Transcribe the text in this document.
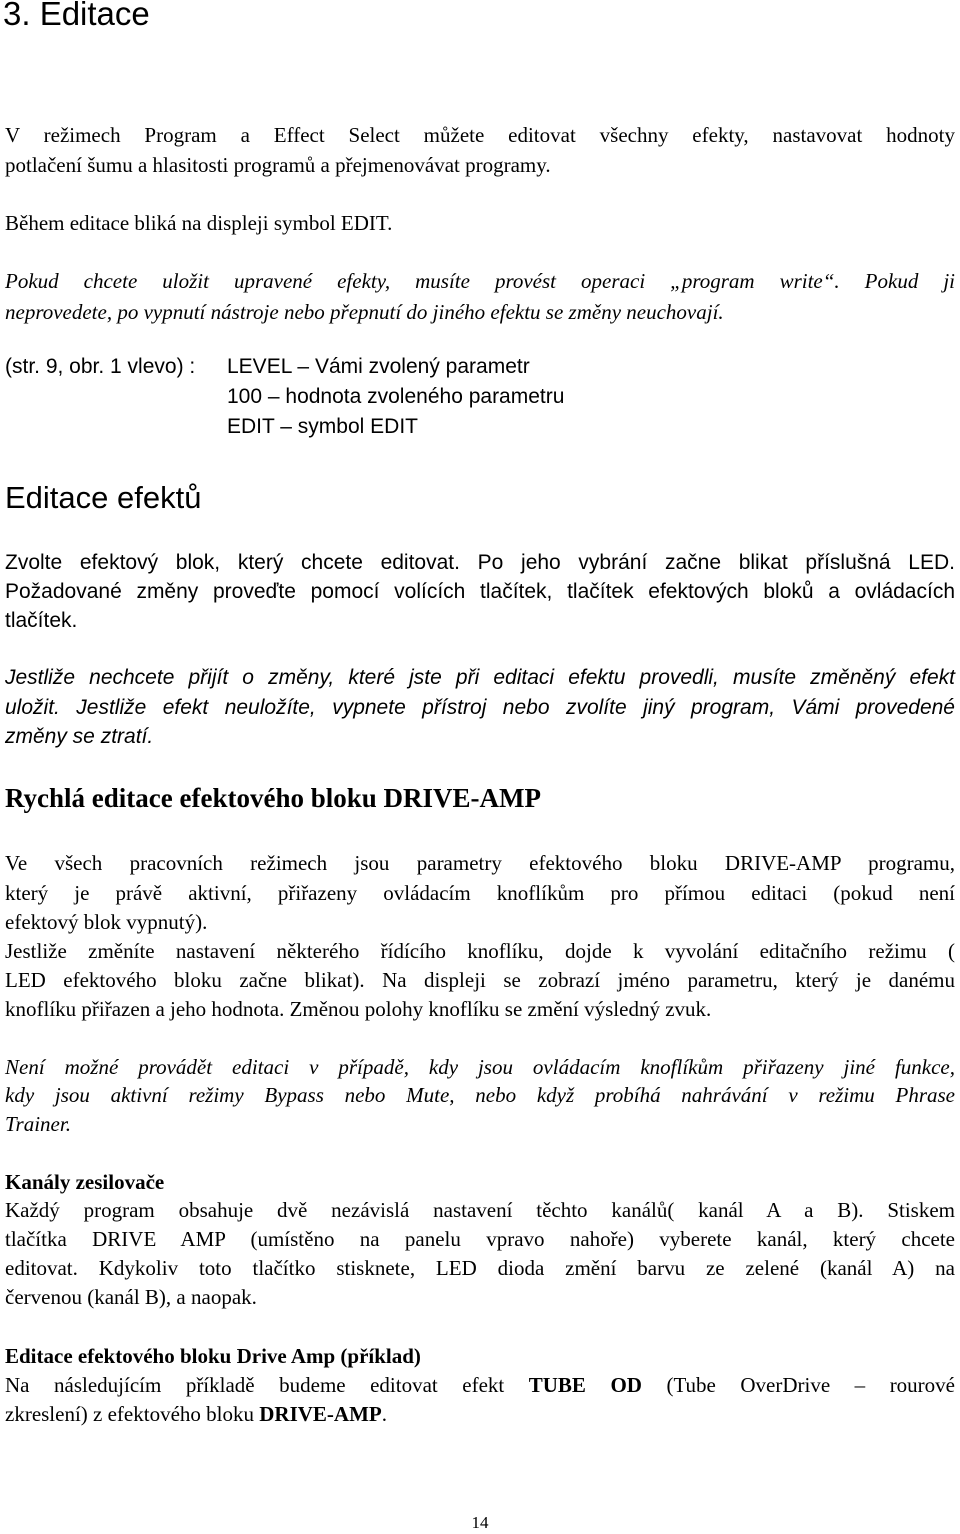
3. Editace
V režimech Program a Effect Select můžete editovat všechny efekty, nastavovat hodnoty
potlačení šumu a hlasitosti programů a přejmenovávat programy.
Během editace bliká na displeji symbol EDIT.
Pokud chcete uložit upravené efekty, musíte provést operaci „program write“. Pokud ji
neprovedete, po vypnutí nástroje nebo přepnutí do jiného efektu se změny neuchovají.
(str. 9, obr. 1 vlevo) : LEVEL – Vámi zvolený parametr
100 – hodnota zvoleného parametru
EDIT – symbol EDIT
Editace efektů
Zvolte efektový blok, který chcete editovat. Po jeho vybrání začne blikat příslušná LED.
Požadované změny proveďte pomocí volících tlačítek, tlačítek efektových bloků a ovládacích
tlačítek.
Jestliže nechcete přijít o změny, které jste při editaci efektu provedli, musíte změněný efekt
uložit. Jestliže efekt neuložíte, vypnete přístroj nebo zvolíte jiný program, Vámi provedené
změny se ztratí.
Rychlá editace efektového bloku DRIVE-AMP
Ve všech pracovních režimech jsou parametry efektového bloku DRIVE-AMP programu,
který je právě aktivní, přiřazeny ovládacím knoflíkům pro přímou editaci (pokud není
efektový blok vypnutý).
Jestliže změníte nastavení některého řídícího knoflíku, dojde k vyvolání editačního režimu (
LED efektového bloku začne blikat). Na displeji se zobrazí jméno parametru, který je danému
knoflíku přiřazen a jeho hodnota. Změnou polohy knoflíku se změní výsledný zvuk.
Není možné provádět editaci v případě, kdy jsou ovládacím knoflíkům přiřazeny jiné funkce,
kdy jsou aktivní režimy Bypass nebo Mute, nebo když probíhá nahrávání v režimu Phrase
Trainer.
Kanály zesilovače
Každý program obsahuje dvě nezávislá nastavení těchto kanálů( kanál A a B). Stiskem
tlačítka DRIVE AMP (umístěno na panelu vpravo nahoře) vyberete kanál, který chcete
editovat. Kdykoliv toto tlačítko stisknete, LED dioda změní barvu ze zelené (kanál A) na
červenou (kanál B), a naopak.
Editace efektového bloku Drive Amp (příklad)
Na následujícím příkladě budeme editovat efekt TUBE OD (Tube OverDrive – rourové
zkreslení) z efektového bloku DRIVE-AMP.
14
